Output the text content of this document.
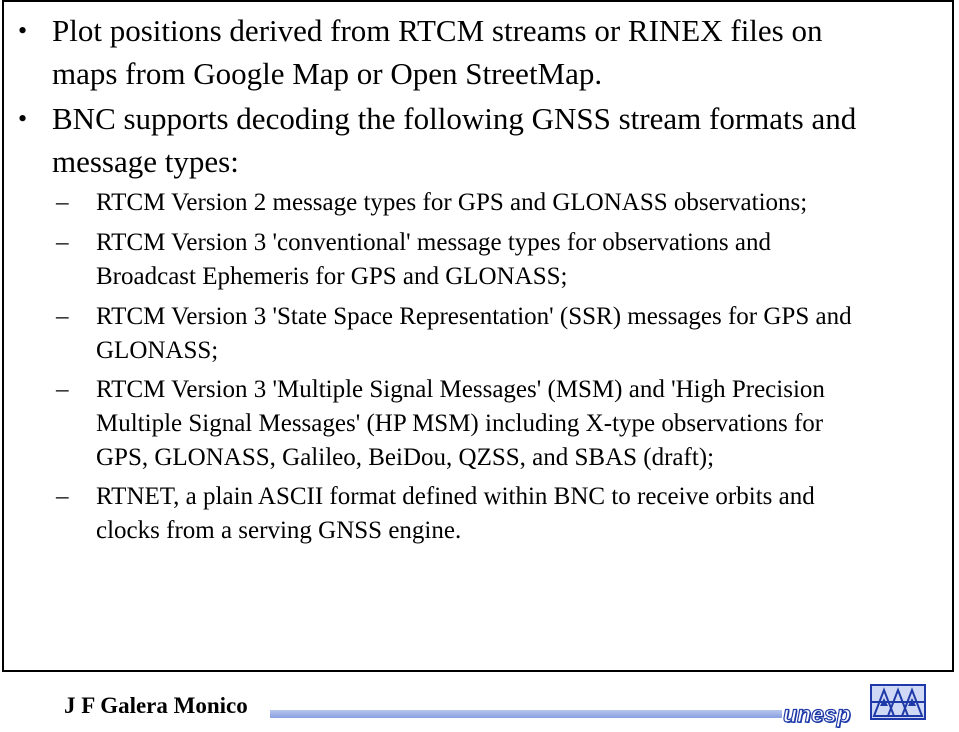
• Plot positions derived from RTCM streams or RINEX files on
maps from Google Map or Open StreetMap.
• BNC supports decoding the following GNSS stream formats and
message types:
– RTCM Version 2 message types for GPS and GLONASS observations;
– RTCM Version 3 'conventional' message types for observations and
Broadcast Ephemeris for GPS and GLONASS;
– RTCM Version 3 'State Space Representation' (SSR) messages for GPS and
GLONASS;
– RTCM Version 3 'Multiple Signal Messages' (MSM) and 'High Precision
Multiple Signal Messages' (HP MSM) including X-type observations for
GPS, GLONASS, Galileo, BeiDou, QZSS, and SBAS (draft);
– RTNET, a plain ASCII format defined within BNC to receive orbits and
clocks from a serving GNSS engine.
J F Galera Monico	unesp
